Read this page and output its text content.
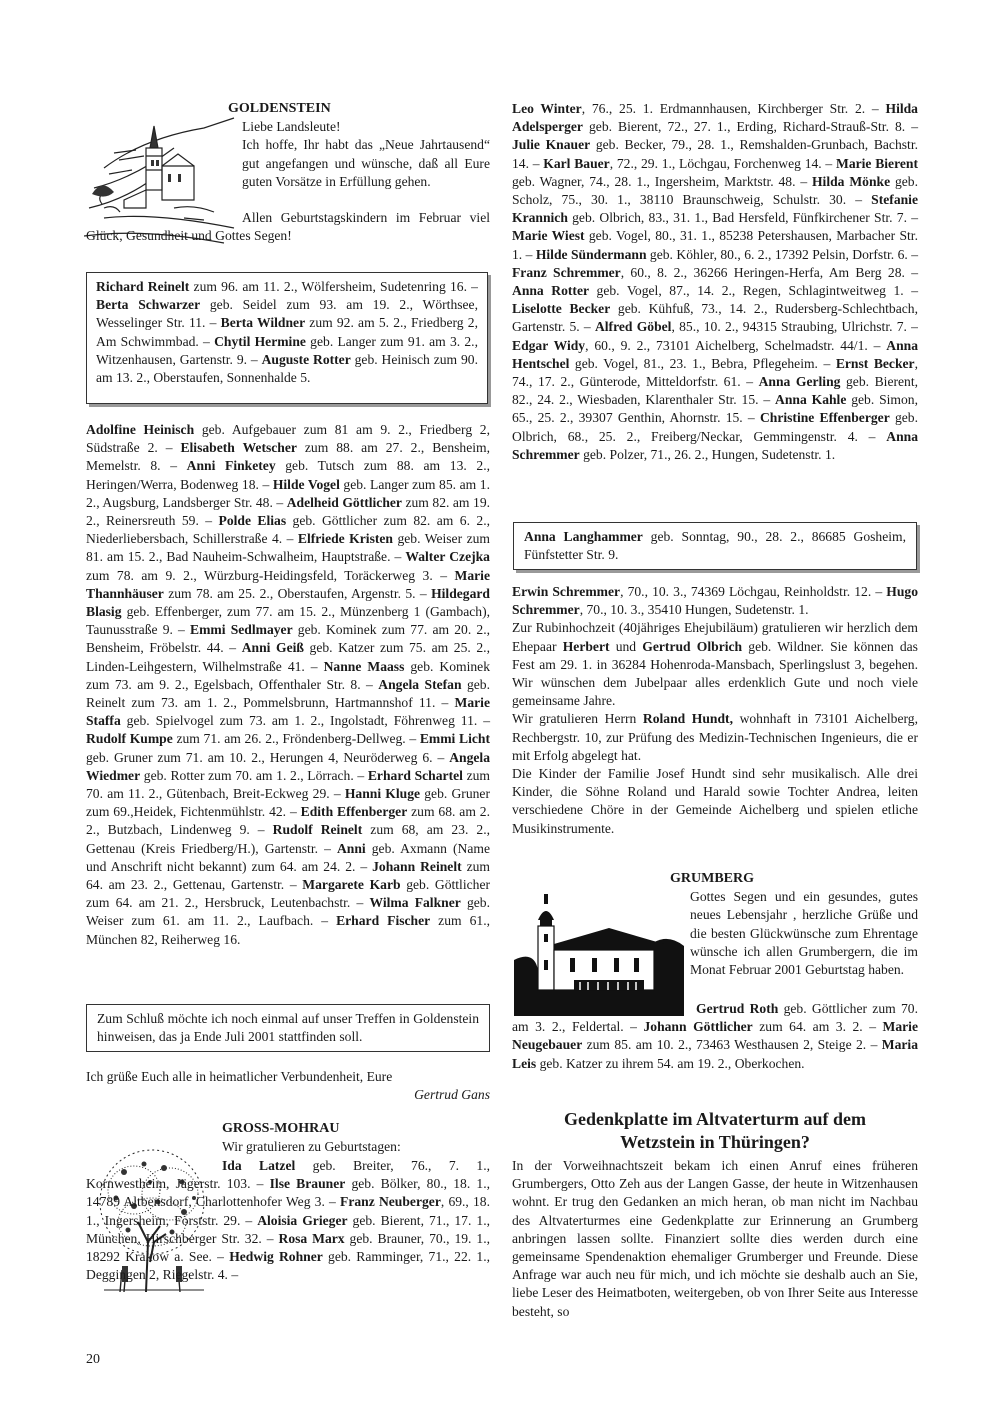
GOLDENSTEIN

Liebe Landsleute!

Ich hoffe, Ihr habt das „Neue Jahrtausend“ gut angefangen und wünsche, daß all Eure guten Vorsätze in Erfüllung gehen.

Allen Geburtstagskindern im Februar viel Glück, Gesundheit und Gottes Segen!

Richard Reinelt zum 96. am 11. 2., Wölfersheim, Sudetenring 16. – Berta Schwarzer geb. Seidel zum 93. am 19. 2., Wörthsee, Wesselinger Str. 11. – Berta Wildner zum 92. am 5. 2., Friedberg 2, Am Schwimmbad. – Chytil Hermine geb. Langer zum 91. am 3. 2., Witzenhausen, Gartenstr. 9. – Auguste Rotter geb. Heinisch zum 90. am 13. 2., Oberstaufen, Sonnenhalde 5.

Adolfine Heinisch geb. Aufgebauer zum 81 am 9. 2., Friedberg 2, Südstraße 2. – Elisabeth Wetscher zum 88. am 27. 2., Bensheim, Memelstr. 8. – Anni Finketey geb. Tutsch zum 88. am 13. 2., Heringen/Werra, Bodenweg 18. – Hilde Vogel geb. Langer zum 85. am 1. 2., Augsburg, Landsberger Str. 48. – Adelheid Göttlicher zum 82. am 19. 2., Reinersreuth 59. – Polde Elias geb. Göttlicher zum 82. am 6. 2., Niederliebersbach, Schillerstraße 4. – Elfriede Kristen geb. Weiser zum 81. am 15. 2., Bad Nauheim-Schwalheim, Hauptstraße. – Walter Czejka zum 78. am 9. 2., Würzburg-Heidingsfeld, Toräckerweg 3. – Marie Thannhäuser zum 78. am 25. 2., Oberstaufen, Argenstr. 5. – Hildegard Blasig geb. Effenberger, zum 77. am 15. 2., Münzenberg 1 (Gambach), Taunusstraße 9. – Emmi Sedlmayer geb. Kominek zum 77. am 20. 2., Bensheim, Fröbelstr. 44. – Anni Geiß geb. Katzer zum 75. am 25. 2., Linden-Leihgestern, Wilhelmstraße 41. – Nanne Maass geb. Kominek zum 73. am 9. 2., Egelsbach, Offenthaler Str. 8. – Angela Stefan geb. Reinelt zum 73. am 1. 2., Pommelsbrunn, Hartmannshof 11. – Marie Staffa geb. Spielvogel zum 73. am 1. 2., Ingolstadt, Föhrenweg 11. – Rudolf Kumpe zum 71. am 26. 2., Fröndenberg-Dellweg. – Emmi Licht geb. Gruner zum 71. am 10. 2., Herungen 4, Neuröderweg 6. – Angela Wiedmer geb. Rotter zum 70. am 1. 2., Lörrach. – Erhard Schartel zum 70. am 11. 2., Gütenbach, Breit-Eckweg 29. – Hanni Kluge geb. Gruner zum 69.,Heidek, Fichtenmühlstr. 42. – Edith Effenberger zum 68. am 2. 2., Butzbach, Lindenweg 9. – Rudolf Reinelt zum 68, am 23. 2., Gettenau (Kreis Friedberg/H.), Gartenstr. – Anni geb. Axmann (Name und Anschrift nicht bekannt) zum 64. am 24. 2. – Johann Reinelt zum 64. am 23. 2., Gettenau, Gartenstr. – Margarete Karb geb. Göttlicher zum 64. am 21. 2., Hersbruck, Leutenbachstr. – Wilma Falkner geb. Weiser zum 61. am 11. 2., Laufbach. – Erhard Fischer zum 61., München 82, Reiherweg 16.

Zum Schluß möchte ich noch einmal auf unser Treffen in Goldenstein hinweisen, das ja Ende Juli 2001 stattfinden soll.

Ich grüße Euch alle in heimatlicher Verbundenheit, Eure

Gertrud Gans

GROSS-MOHRAU

Wir gratulieren zu Geburtstagen:

Ida Latzel geb. Breiter, 76., 7. 1., Kornwestheim, Jägerstr. 103. – Ilse Brauner geb. Bölker, 80., 18. 1., 14789 Altbensdorf, Charlottenhofer Weg 3. – Franz Neuberger, 69., 18. 1., Ingersheim, Forststr. 29. – Aloisia Grieger geb. Bierent, 71., 17. 1., München, Hirschberger Str. 32. – Rosa Marx geb. Brauner, 70., 19. 1., 18292 Krakow a. See. – Hedwig Rohner geb. Ramminger, 71., 22. 1., Deggingen 2, Riegelstr. 4. –

20

Leo Winter, 76., 25. 1. Erdmannhausen, Kirchberger Str. 2. – Hilda Adelsperger geb. Bierent, 72., 27. 1., Erding, Richard-Strauß-Str. 8. – Julie Knauer geb. Becker, 79., 28. 1., Remshalden-Grunbach, Bachstr. 14. – Karl Bauer, 72., 29. 1., Löchgau, Forchenweg 14. – Marie Bierent geb. Wagner, 74., 28. 1., Ingersheim, Marktstr. 48. – Hilda Mönke geb. Scholz, 75., 30. 1., 38110 Braunschweig, Schulstr. 30. – Stefanie Krannich geb. Olbrich, 83., 31. 1., Bad Hersfeld, Fünfkirchener Str. 7. – Marie Wiest geb. Vogel, 80., 31. 1., 85238 Petershausen, Marbacher Str. 1. – Hilde Sündermann geb. Köhler, 80., 6. 2., 17392 Pelsin, Dorfstr. 6. – Franz Schremmer, 60., 8. 2., 36266 Heringen-Herfa, Am Berg 28. – Anna Rotter geb. Vogel, 87., 14. 2., Regen, Schlagintweitweg 1. – Liselotte Becker geb. Kühfuß, 73., 14. 2., Rudersberg-Schlechtbach, Gartenstr. 5. – Alfred Göbel, 85., 10. 2., 94315 Straubing, Ulrichstr. 7. – Edgar Widy, 60., 9. 2., 73101 Aichelberg, Schelmadstr. 44/1. – Anna Hentschel geb. Vogel, 81., 23. 1., Bebra, Pflegeheim. – Ernst Becker, 74., 17. 2., Günterode, Mitteldorfstr. 61. – Anna Gerling geb. Bierent, 82., 24. 2., Wiesbaden, Klarenthaler Str. 15. – Anna Kahle geb. Simon, 65., 25. 2., 39307 Genthin, Ahornstr. 15. – Christine Effenberger geb. Olbrich, 68., 25. 2., Freiberg/Neckar, Gemmingenstr. 4. – Anna Schremmer geb. Polzer, 71., 26. 2., Hungen, Sudetenstr. 1.

Anna Langhammer geb. Sonntag, 90., 28. 2., 86685 Gosheim, Fünfstetter Str. 9.

Erwin Schremmer, 70., 10. 3., 74369 Löchgau, Reinholdstr. 12. – Hugo Schremmer, 70., 10. 3., 35410 Hungen, Sudetenstr. 1.

Zur Rubinhochzeit (40jähriges Ehejubiläum) gratulieren wir herzlich dem Ehepaar Herbert und Gertrud Olbrich geb. Wildner. Sie können das Fest am 29. 1. in 36284 Hohenroda-Mansbach, Sperlingslust 3, begehen. Wir wünschen dem Jubelpaar alles erdenklich Gute und noch viele gemeinsame Jahre.

Wir gratulieren Herrn Roland Hundt, wohnhaft in 73101 Aichelberg, Rechbergstr. 10, zur Prüfung des Medizin-Technischen Ingenieurs, die er mit Erfolg abgelegt hat.

Die Kinder der Familie Josef Hundt sind sehr musikalisch. Alle drei Kinder, die Söhne Roland und Harald sowie Tochter Andrea, leiten verschiedene Chöre in der Gemeinde Aichelberg und spielen etliche Musikinstrumente.

GRUMBERG

Gottes Segen und ein gesundes, gutes neues Lebensjahr , herzliche Grüße und die besten Glückwünsche zum Ehrentage wünsche ich allen Grumbergern, die im Monat Februar 2001 Geburtstag haben.

Gertrud Roth geb. Göttlicher zum 70. am 3. 2., Feldertal. – Johann Göttlicher zum 64. am 3. 2. – Marie Neugebauer zum 85. am 10. 2., 73463 Westhausen 2, Steige 2. – Maria Leis geb. Katzer zu ihrem 54. am 19. 2., Oberkochen.

Gedenkplatte im Altvaterturm auf dem Wetzstein in Thüringen?

In der Vorweihnachtszeit bekam ich einen Anruf eines früheren Grumbergers, Otto Zeh aus der Langen Gasse, der heute in Witzenhausen wohnt. Er trug den Gedanken an mich heran, ob man nicht im Nachbau des Altvaterturmes eine Gedenkplatte zur Erinnerung an Grumberg anbringen lassen sollte. Finanziert sollte dies werden durch eine gemeinsame Spendenaktion ehemaliger Grumberger und Freunde. Diese Anfrage war auch neu für mich, und ich möchte sie deshalb auch an Sie, liebe Leser des Heimatboten, weitergeben, ob von Ihrer Seite aus Interesse besteht, so
